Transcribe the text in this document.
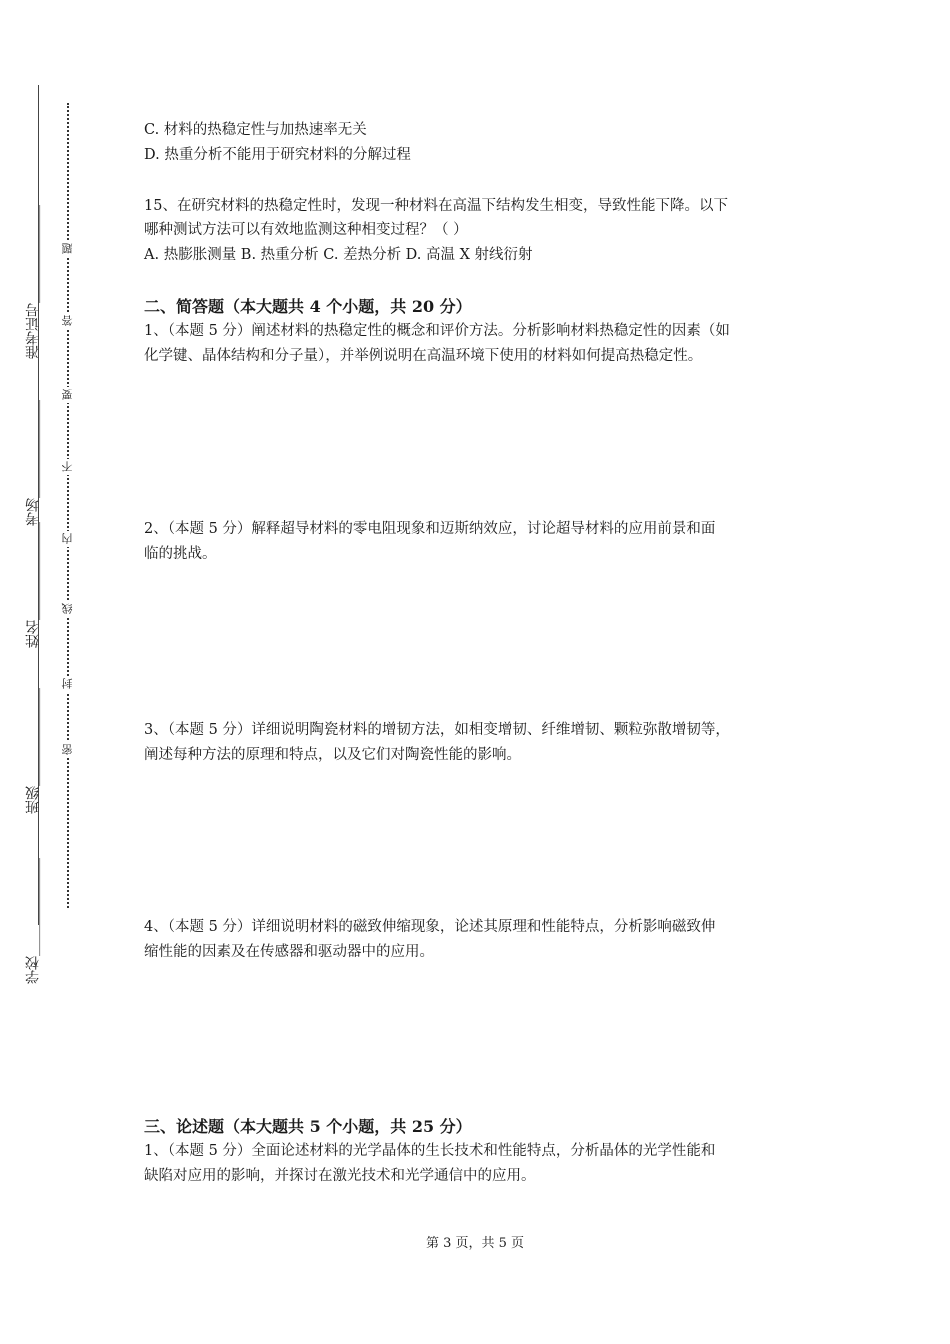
学校______________
班级______________
姓名______________
考场______________
准考证号______________
密
封
线
内
不
要
答
题
C. 材料的热稳定性与加热速率无关
D. 热重分析不能用于研究材料的分解过程
15、在研究材料的热稳定性时，发现一种材料在高温下结构发生相变，导致性能下降。以下
哪种测试方法可以有效地监测这种相变过程？（ ）
A. 热膨胀测量 B. 热重分析 C. 差热分析 D. 高温 X 射线衍射
二、简答题（本大题共 4 个小题，共 20 分）
1、（本题 5 分）阐述材料的热稳定性的概念和评价方法。分析影响材料热稳定性的因素（如
化学键、晶体结构和分子量），并举例说明在高温环境下使用的材料如何提高热稳定性。
2、（本题 5 分）解释超导材料的零电阻现象和迈斯纳效应，讨论超导材料的应用前景和面
临的挑战。
3、（本题 5 分）详细说明陶瓷材料的增韧方法，如相变增韧、纤维增韧、颗粒弥散增韧等，
阐述每种方法的原理和特点，以及它们对陶瓷性能的影响。
4、（本题 5 分）详细说明材料的磁致伸缩现象，论述其原理和性能特点，分析影响磁致伸
缩性能的因素及在传感器和驱动器中的应用。
三、论述题（本大题共 5 个小题，共 25 分）
1、（本题 5 分）全面论述材料的光学晶体的生长技术和性能特点，分析晶体的光学性能和
缺陷对应用的影响，并探讨在激光技术和光学通信中的应用。
第 3 页，共 5 页
